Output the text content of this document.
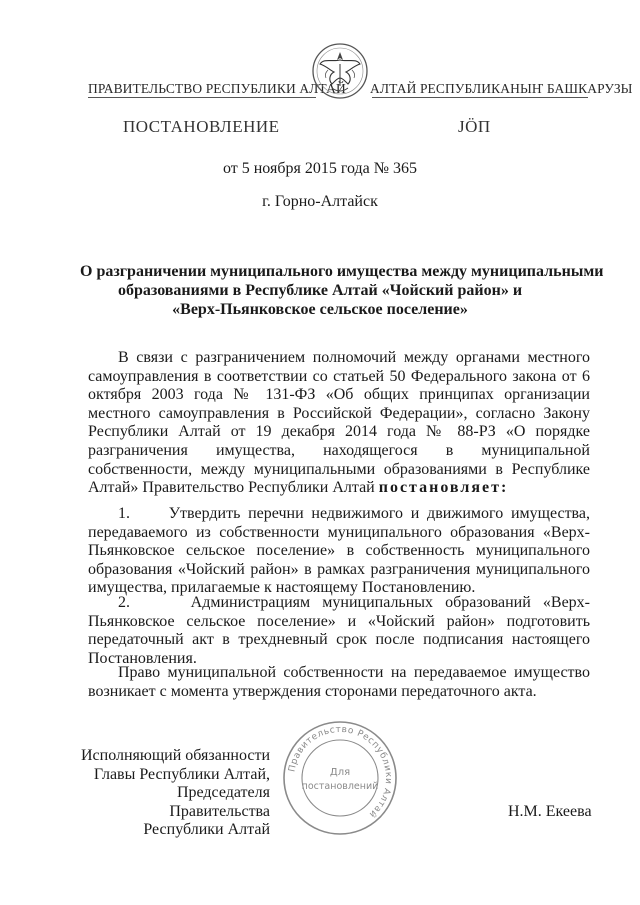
ПРАВИТЕЛЬСТВО РЕСПУБЛИКИ АЛТАЙ АЛТАЙ РЕСПУБЛИКАНЫҤ БАШКАРУЗЫ
ПОСТАНОВЛЕНИЕ	ЈÖП
от 5 ноября 2015 года № 365
г. Горно-Алтайск
О разграничении муниципального имущества между муниципальными
образованиями в Республике Алтай «Чойский район» и
«Верх-Пьянковское сельское поселение»
В связи с разграничением полномочий между органами местного самоуправления в соответствии со статьей 50 Федерального закона от 6 октября 2003 года № 131-ФЗ «Об общих принципах организации местного самоуправления в Российской Федерации», согласно Закону Республики Алтай от 19 декабря 2014 года № 88-РЗ «О порядке разграничения имущества, находящегося в муниципальной собственности, между муниципальными образованиями в Республике Алтай» Правительство Республики Алтай постановляет:
1.     Утвердить перечни недвижимого и движимого имущества, передаваемого из собственности муниципального образования «Верх-Пьянковское сельское поселение» в собственность муниципального образования «Чойский район» в рамках разграничения муниципального имущества, прилагаемые к настоящему Постановлению.
2.     Администрациям муниципальных образований «Верх-Пьянковское сельское поселение» и «Чойский район» подготовить передаточный акт в трехдневный срок после подписания настоящего Постановления.
Право муниципальной собственности на передаваемое имущество возникает с момента утверждения сторонами передаточного акта.
Исполняющий обязанности
Главы Республики Алтай,
Председателя Правительства
Республики Алтай
Правительство Республики Алтай
Для
постановлений
Н.М. Екеева
